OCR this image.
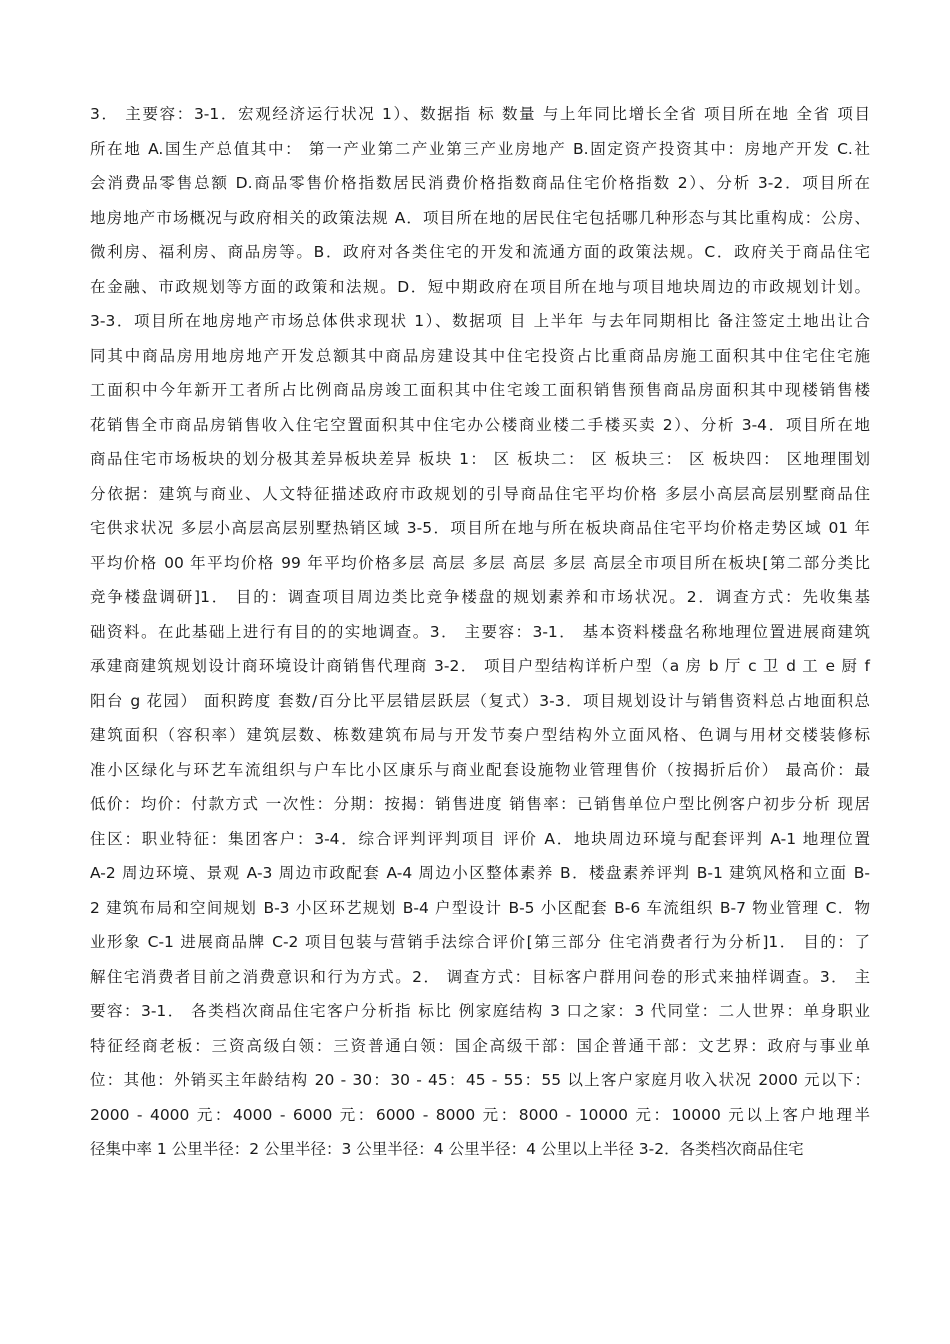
3． 主要容：3-1．宏观经济运行状况 1）、数据指 标 数量 与上年同比增长全省 项目所在地 全省 项目
所在地 A.国生产总值其中： 第一产业第二产业第三产业房地产 B.固定资产投资其中：房地产开发 C.社
会消费品零售总额 D.商品零售价格指数居民消费价格指数商品住宅价格指数 2）、分析 3-2．项目所在
地房地产市场概况与政府相关的政策法规 A．项目所在地的居民住宅包括哪几种形态与其比重构成：公房、
微利房、福利房、商品房等。B．政府对各类住宅的开发和流通方面的政策法规。C．政府关于商品住宅
在金融、市政规划等方面的政策和法规。D．短中期政府在项目所在地与项目地块周边的市政规划计划。
3-3．项目所在地房地产市场总体供求现状 1）、数据项 目 上半年 与去年同期相比 备注签定土地出让合
同其中商品房用地房地产开发总额其中商品房建设其中住宅投资占比重商品房施工面积其中住宅住宅施
工面积中今年新开工者所占比例商品房竣工面积其中住宅竣工面积销售预售商品房面积其中现楼销售楼
花销售全市商品房销售收入住宅空置面积其中住宅办公楼商业楼二手楼买卖 2）、分析 3-4．项目所在地
商品住宅市场板块的划分极其差异板块差异 板块 1： 区 板块二： 区 板块三： 区 板块四： 区地理围划
分依据：建筑与商业、人文特征描述政府市政规划的引导商品住宅平均价格 多层小高层高层别墅商品住
宅供求状况 多层小高层高层别墅热销区域 3-5．项目所在地与所在板块商品住宅平均价格走势区域 01 年
平均价格 00 年平均价格 99 年平均价格多层 高层 多层 高层 多层 高层全市项目所在板块[第二部分类比
竞争楼盘调研]1． 目的：调查项目周边类比竞争楼盘的规划素养和市场状况。2．调查方式：先收集基
础资料。在此基础上进行有目的的实地调查。3． 主要容：3-1． 基本资料楼盘名称地理位置进展商建筑
承建商建筑规划设计商环境设计商销售代理商 3-2． 项目户型结构详析户型（a 房 b 厅 c 卫 d 工 e 厨 f
阳台 g 花园） 面积跨度 套数/百分比平层错层跃层（复式）3-3．项目规划设计与销售资料总占地面积总
建筑面积（容积率）建筑层数、栋数建筑布局与开发节奏户型结构外立面风格、色调与用材交楼装修标
准小区绿化与环艺车流组织与户车比小区康乐与商业配套设施物业管理售价（按揭折后价） 最高价：最
低价：均价：付款方式 一次性：分期：按揭：销售进度 销售率：已销售单位户型比例客户初步分析 现居
住区：职业特征：集团客户：3-4．综合评判评判项目 评价 A．地块周边环境与配套评判 A-1 地理位置
A-2 周边环境、景观 A-3 周边市政配套 A-4 周边小区整体素养 B．楼盘素养评判 B-1 建筑风格和立面 B-
2 建筑布局和空间规划 B-3 小区环艺规划 B-4 户型设计 B-5 小区配套 B-6 车流组织 B-7 物业管理 C．物
业形象 C-1 进展商品牌 C-2 项目包装与营销手法综合评价[第三部分 住宅消费者行为分析]1． 目的：了
解住宅消费者目前之消费意识和行为方式。2． 调查方式：目标客户群用问卷的形式来抽样调查。3． 主
要容：3-1． 各类档次商品住宅客户分析指 标比 例家庭结构 3 口之家：3 代同堂：二人世界：单身职业
特征经商老板：三资高级白领：三资普通白领：国企高级干部：国企普通干部：文艺界：政府与事业单
位：其他：外销买主年龄结构 20 - 30：30 - 45：45 - 55：55 以上客户家庭月收入状况 2000 元以下：
2000 - 4000 元：4000 - 6000 元：6000 - 8000 元：8000 - 10000 元：10000 元以上客户地理半
径集中率 1 公里半径：2 公里半径：3 公里半径：4 公里半径：4 公里以上半径 3-2．各类档次商品住宅
